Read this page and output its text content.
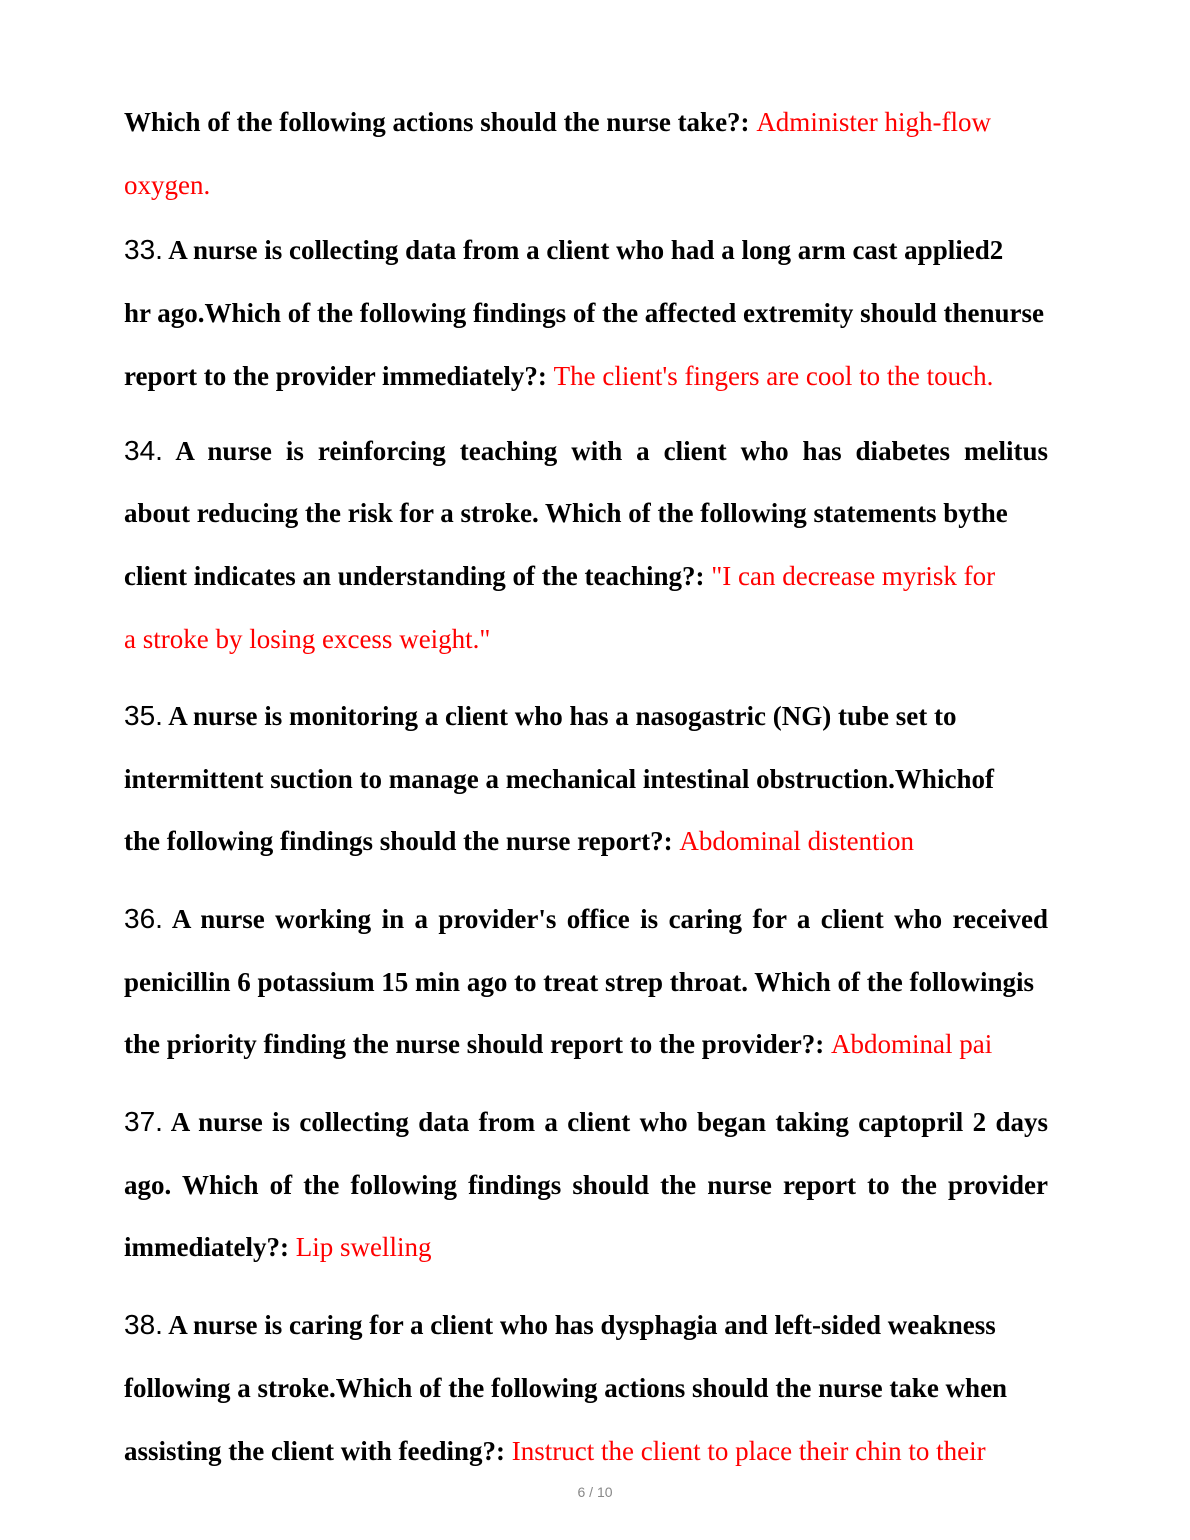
Which of the following actions should the nurse take?: Administer high-flow
oxygen.
33. A nurse is collecting data from a client who had a long arm cast applied2
hr ago.Which of the following findings of the affected extremity should thenurse
report to the provider immediately?: The client's fingers are cool to the touch.
34. A nurse is reinforcing teaching with a client who has diabetes melitus
about reducing the risk for a stroke. Which of the following statements bythe
client indicates an understanding of the teaching?: "I can decrease myrisk for
a stroke by losing excess weight."
35. A nurse is monitoring a client who has a nasogastric (NG) tube set to
intermittent suction to manage a mechanical intestinal obstruction.Whichof
the following findings should the nurse report?: Abdominal distention
36. A nurse working in a provider's office is caring for a client who received
penicillin 6 potassium 15 min ago to treat strep throat. Which of the followingis
the priority finding the nurse should report to the provider?: Abdominal pai
37. A nurse is collecting data from a client who began taking captopril 2 days
ago. Which of the following findings should the nurse report to the provider
immediately?: Lip swelling
38. A nurse is caring for a client who has dysphagia and left-sided weakness
following a stroke.Which of the following actions should the nurse take when
assisting the client with feeding?: Instruct the client to place their chin to their
6 / 10
